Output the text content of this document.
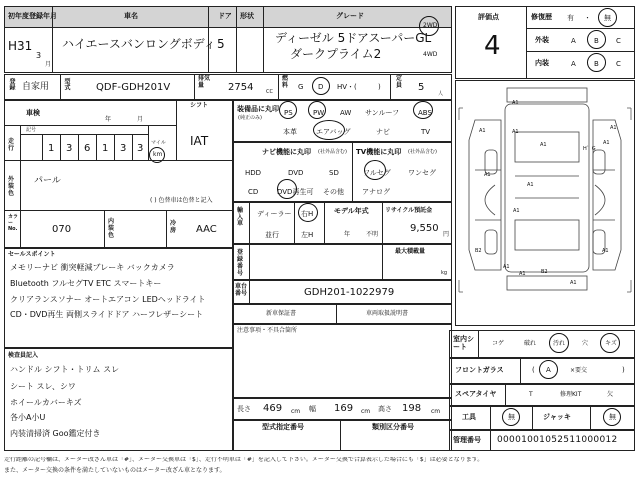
初年度登録年月	車名	ドア 形状	グレード
H31
3
月
ハイエースバンロングボディ 5	ディーゼル 5ドアスーパーGL
ダークプライム2
2WD
4WD
評価点
4
修復歴 有 ・ 無
外装	A	B C
内装	A	B C
登録 自家用 型式	QDF-GDH201V
排気量	2754	CC
燃料 G D HV・(	)
定員 5
人
シフト
IAT
車検
年	月
走行
記号
1 3 6 1 3 3 マイル
km
外装色
パール
( ) 色替車は色替と記入
カラーNo.	070
内装色
冷房 AAC
セールスポイント
メモリーナビ 衝突軽減ブレーキ バックカメラ
Bluetooth フルセグTV ETC スマートキー
クリアランスソナー オートエアコン LEDヘッドライト
CD・DVD再生 両側スライドドア ハーフレザーシート
検査員記入
ハンドル シフト・トリム スレ
シート スレ、シワ
ホイールカバーキズ
各小A小U
内装清掃済 Goo鑑定付き
装備品に丸印
(純正のみ)
PS	PW AW サンルーフ	ABS
本革	エアバッグ	ナビ	TV
ナビ機能に丸印 (社外品含む)
HDD	DVD	SD
CD	DVD再生可 その他
TV機能に丸印 (社外品含む)
フルセグ ワンセグ
アナログ
輸入車
ディーラー
並行
右H
左H
モデル年式
年	不明
リサイクル預託金
9,550
円
登録番号
最大積載量
kg
車台番号	GDH201-1022979
新車保証書	車両取扱説明書
注意事項・不具合箇所
長さ 469 cm 幅 169 cm 高さ 198 cm
型式指定番号	類別区分番号
A1
A1	A1
A1
A1	A1
A1
A1
A1
H゛G
B2
B2
A1
A1
A1
A1
室内シート	コゲ	破れ	汚れ	穴	キズ
フロントガラス	( A	×要交	)
スペアタイヤ	T	修理KIT	欠
工具	無	ジャッキ	無
管理番号 0000100105251100001​2
走行距離の記号欄は、メーター改ざん車は「#」、メーター交換車は「$」、走行不明車は「#」を記入して下さい。メーター交換で合算表示した場合にも「$」は必要となります。
また、メーター交換の条件を満たしていないものはメーター改ざん車となります。
